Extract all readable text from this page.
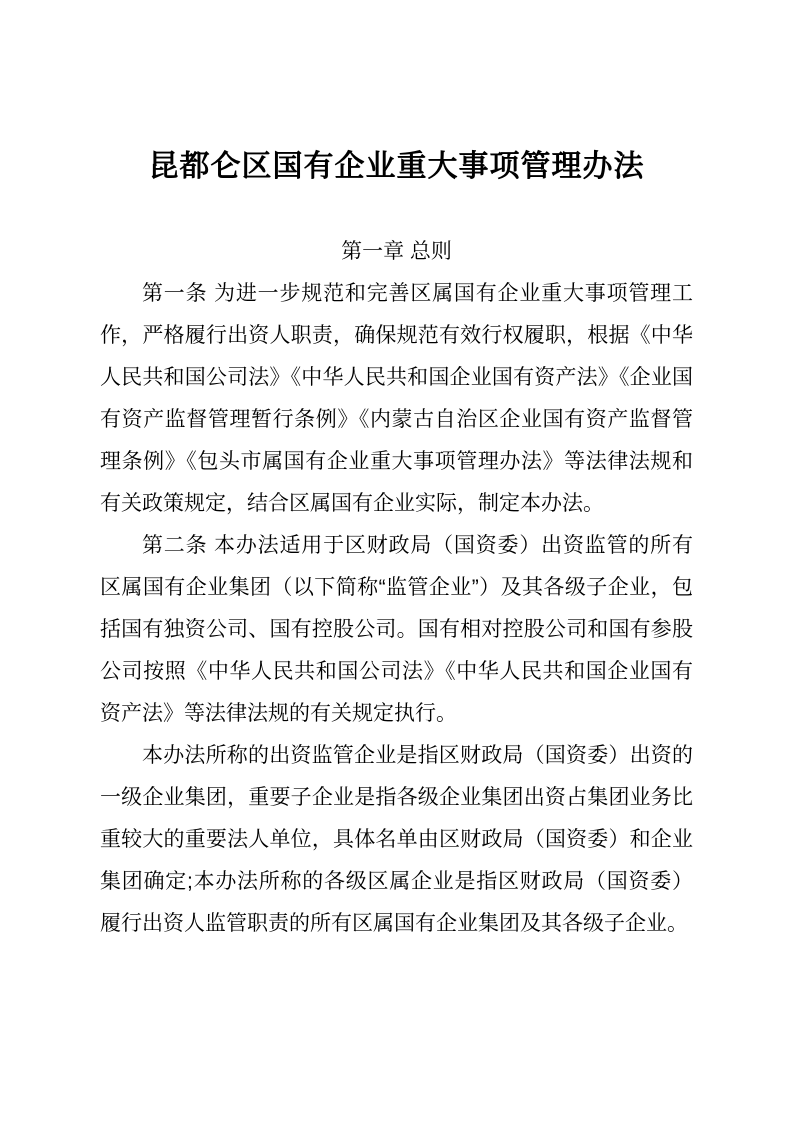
昆都仑区国有企业重大事项管理办法
第一章 总则

第一条 为进一步规范和完善区属国有企业重大事项管理工作，严格履行出资人职责，确保规范有效行权履职，根据《中华人民共和国公司法》《中华人民共和国企业国有资产法》《企业国有资产监督管理暂行条例》《内蒙古自治区企业国有资产监督管理条例》《包头市属国有企业重大事项管理办法》等法律法规和有关政策规定，结合区属国有企业实际，制定本办法。

第二条 本办法适用于区财政局（国资委）出资监管的所有区属国有企业集团（以下简称“监管企业”）及其各级子企业，包括国有独资公司、国有控股公司。国有相对控股公司和国有参股公司按照《中华人民共和国公司法》《中华人民共和国企业国有资产法》等法律法规的有关规定执行。

本办法所称的出资监管企业是指区财政局（国资委）出资的一级企业集团，重要子企业是指各级企业集团出资占集团业务比重较大的重要法人单位，具体名单由区财政局（国资委）和企业集团确定;本办法所称的各级区属企业是指区财政局（国资委）履行出资人监管职责的所有区属国有企业集团及其各级子企业。
